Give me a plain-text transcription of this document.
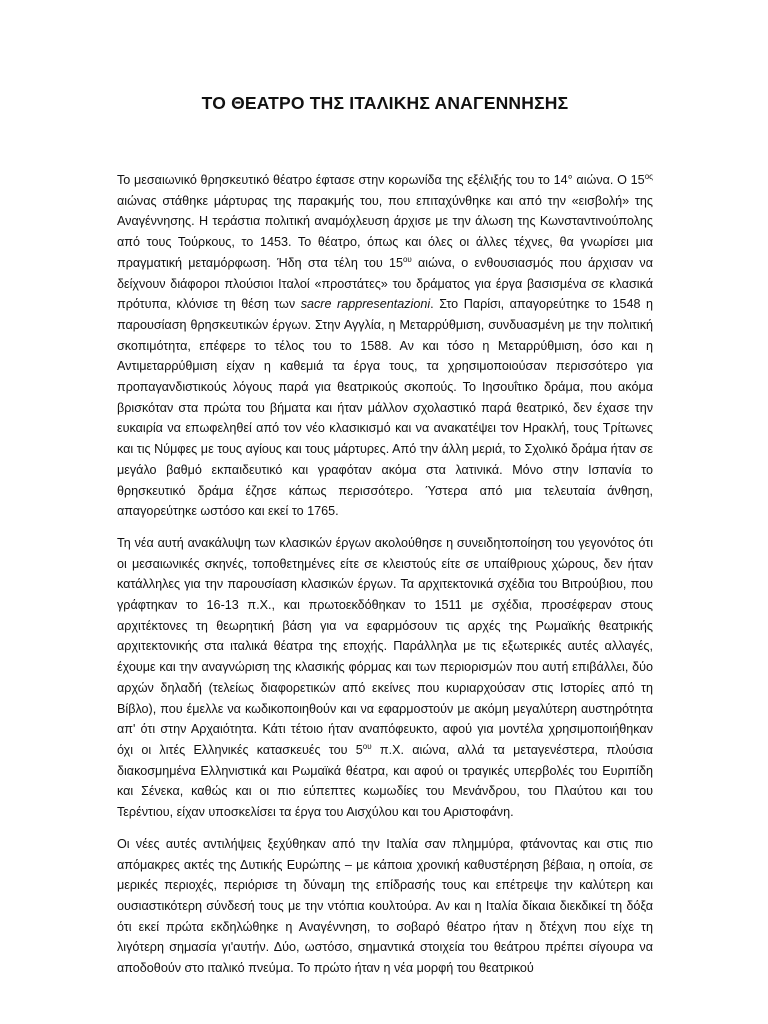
ΤΟ ΘΕΑΤΡΟ ΤΗΣ ΙΤΑΛΙΚΗΣ ΑΝΑΓΕΝΝΗΣΗΣ

Το μεσαιωνικό θρησκευτικό θέατρο έφτασε στην κορωνίδα της εξέλιξής του το 14° αιώνα. Ο $15^{o\varsigma}$ αιώνας στάθηκε μάρτυρας της παρακμής του, που επιταχύνθηκε και από την «εισβολή» της Αναγέννησης. Η τεράστια πολιτική αναμόχλευση άρχισε με την άλωση της Κωνσταντινούπολης από τους Τούρκους, το 1453. Το θέατρο, όπως και όλες οι άλλες τέχνες, θα γνωρίσει μια πραγματική μεταμόρφωση. Ήδη στα τέλη του $15^{o\upsilon}$ αιώνα, ο ενθουσιασμός που άρχισαν να δείχνουν διάφοροι πλούσιοι Ιταλοί «προστάτες» του δράματος για έργα βασισμένα σε κλασικά πρότυπα, κλόνισε τη θέση των sacre rappresentazioni. Στο Παρίσι, απαγορεύτηκε το 1548 η παρουσίαση θρησκευτικών έργων. Στην Αγγλία, η Μεταρρύθμιση, συνδυασμένη με την πολιτική σκοπιμότητα, επέφερε το τέλος του το 1588. Αν και τόσο η Μεταρρύθμιση, όσο και η Αντιμεταρρύθμιση είχαν η καθεμιά τα έργα τους, τα χρησιμοποιούσαν περισσότερο για προπαγανδιστικούς λόγους παρά για θεατρικούς σκοπούς. Το Ιησουΐτικο δράμα, που ακόμα βρισκόταν στα πρώτα του βήματα και ήταν μάλλον σχολαστικό παρά θεατρικό, δεν έχασε την ευκαιρία να επωφεληθεί από τον νέο κλασικισμό και να ανακατέψει τον Ηρακλή, τους Τρίτωνες και τις Νύμφες με τους αγίους και τους μάρτυρες. Από την άλλη μεριά, το Σχολικό δράμα ήταν σε μεγάλο βαθμό εκπαιδευτικό και γραφόταν ακόμα στα λατινικά. Μόνο στην Ισπανία το θρησκευτικό δράμα έζησε κάπως περισσότερο. Ύστερα από μια τελευταία άνθηση, απαγορεύτηκε ωστόσο και εκεί το 1765.

Τη νέα αυτή ανακάλυψη των κλασικών έργων ακολούθησε η συνειδητοποίηση του γεγονότος ότι οι μεσαιωνικές σκηνές, τοποθετημένες είτε σε κλειστούς είτε σε υπαίθριους χώρους, δεν ήταν κατάλληλες για την παρουσίαση κλασικών έργων. Τα αρχιτεκτονικά σχέδια του Βιτρούβιου, που γράφτηκαν το 16-13 π.Χ., και πρωτοεκδόθηκαν το 1511 με σχέδια, προσέφεραν στους αρχιτέκτονες τη θεωρητική βάση για να εφαρμόσουν τις αρχές της Ρωμαϊκής θεατρικής αρχιτεκτονικής στα ιταλικά θέατρα της εποχής. Παράλληλα με τις εξωτερικές αυτές αλλαγές, έχουμε και την αναγνώριση της κλασικής φόρμας και των περιορισμών που αυτή επιβάλλει, δύο αρχών δηλαδή (τελείως διαφορετικών από εκείνες που κυριαρχούσαν στις Ιστορίες από τη Βίβλο), που έμελλε να κωδικοποιηθούν και να εφαρμοστούν με ακόμη μεγαλύτερη αυστηρότητα απ' ότι στην Αρχαιότητα. Κάτι τέτοιο ήταν αναπόφευκτο, αφού για μοντέλα χρησιμοποιήθηκαν όχι οι λιτές Ελληνικές κατασκευές του $5^{o\upsilon}$ π.Χ. αιώνα, αλλά τα μεταγενέστερα, πλούσια διακοσμημένα Ελληνιστικά και Ρωμαϊκά θέατρα, και αφού οι τραγικές υπερβολές του Ευριπίδη και Σένεκα, καθώς και οι πιο εύπεπτες κωμωδίες του Μενάνδρου, του Πλαύτου και του Τερέντιου, είχαν υποσκελίσει τα έργα του Αισχύλου και του Αριστοφάνη.

Οι νέες αυτές αντιλήψεις ξεχύθηκαν από την Ιταλία σαν πλημμύρα, φτάνοντας και στις πιο απόμακρες ακτές της Δυτικής Ευρώπης – με κάποια χρονική καθυστέρηση βέβαια, η οποία, σε μερικές περιοχές, περιόρισε τη δύναμη της επίδρασής τους και επέτρεψε την καλύτερη και ουσιαστικότερη σύνδεσή τους με την ντόπια κουλτούρα. Αν και η Ιταλία δίκαια διεκδικεί τη δόξα ότι εκεί πρώτα εκδηλώθηκε η Αναγέννηση, το σοβαρό θέατρο ήταν η δτέχνη που είχε τη λιγότερη σημασία γι'αυτήν. Δύο, ωστόσο, σημαντικά στοιχεία του θεάτρου πρέπει σίγουρα να αποδοθούν στο ιταλικό πνεύμα. Το πρώτο ήταν η νέα μορφή του θεατρικού
